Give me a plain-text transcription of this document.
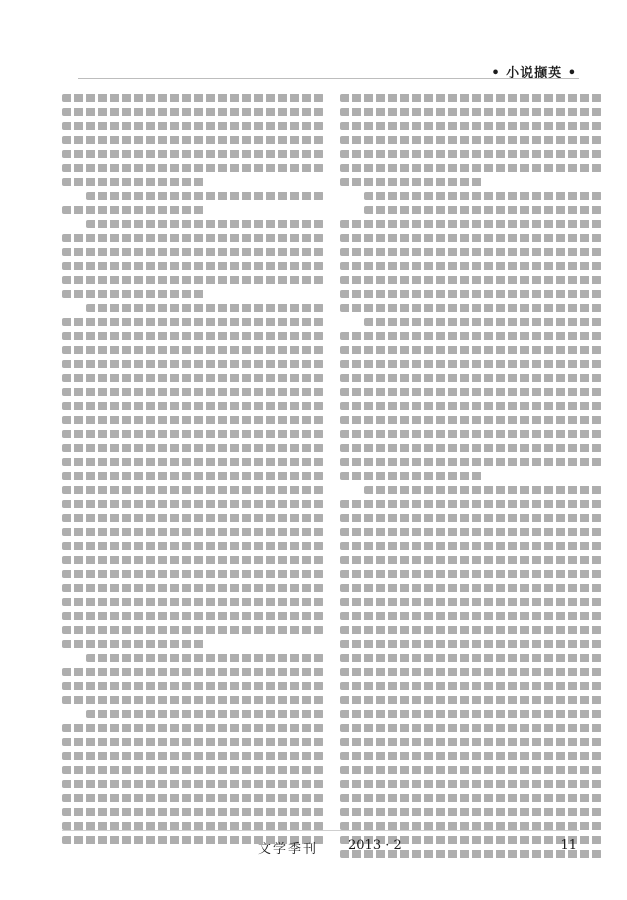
• 小说撷英 •
文学季刊 2013 · 2	11
